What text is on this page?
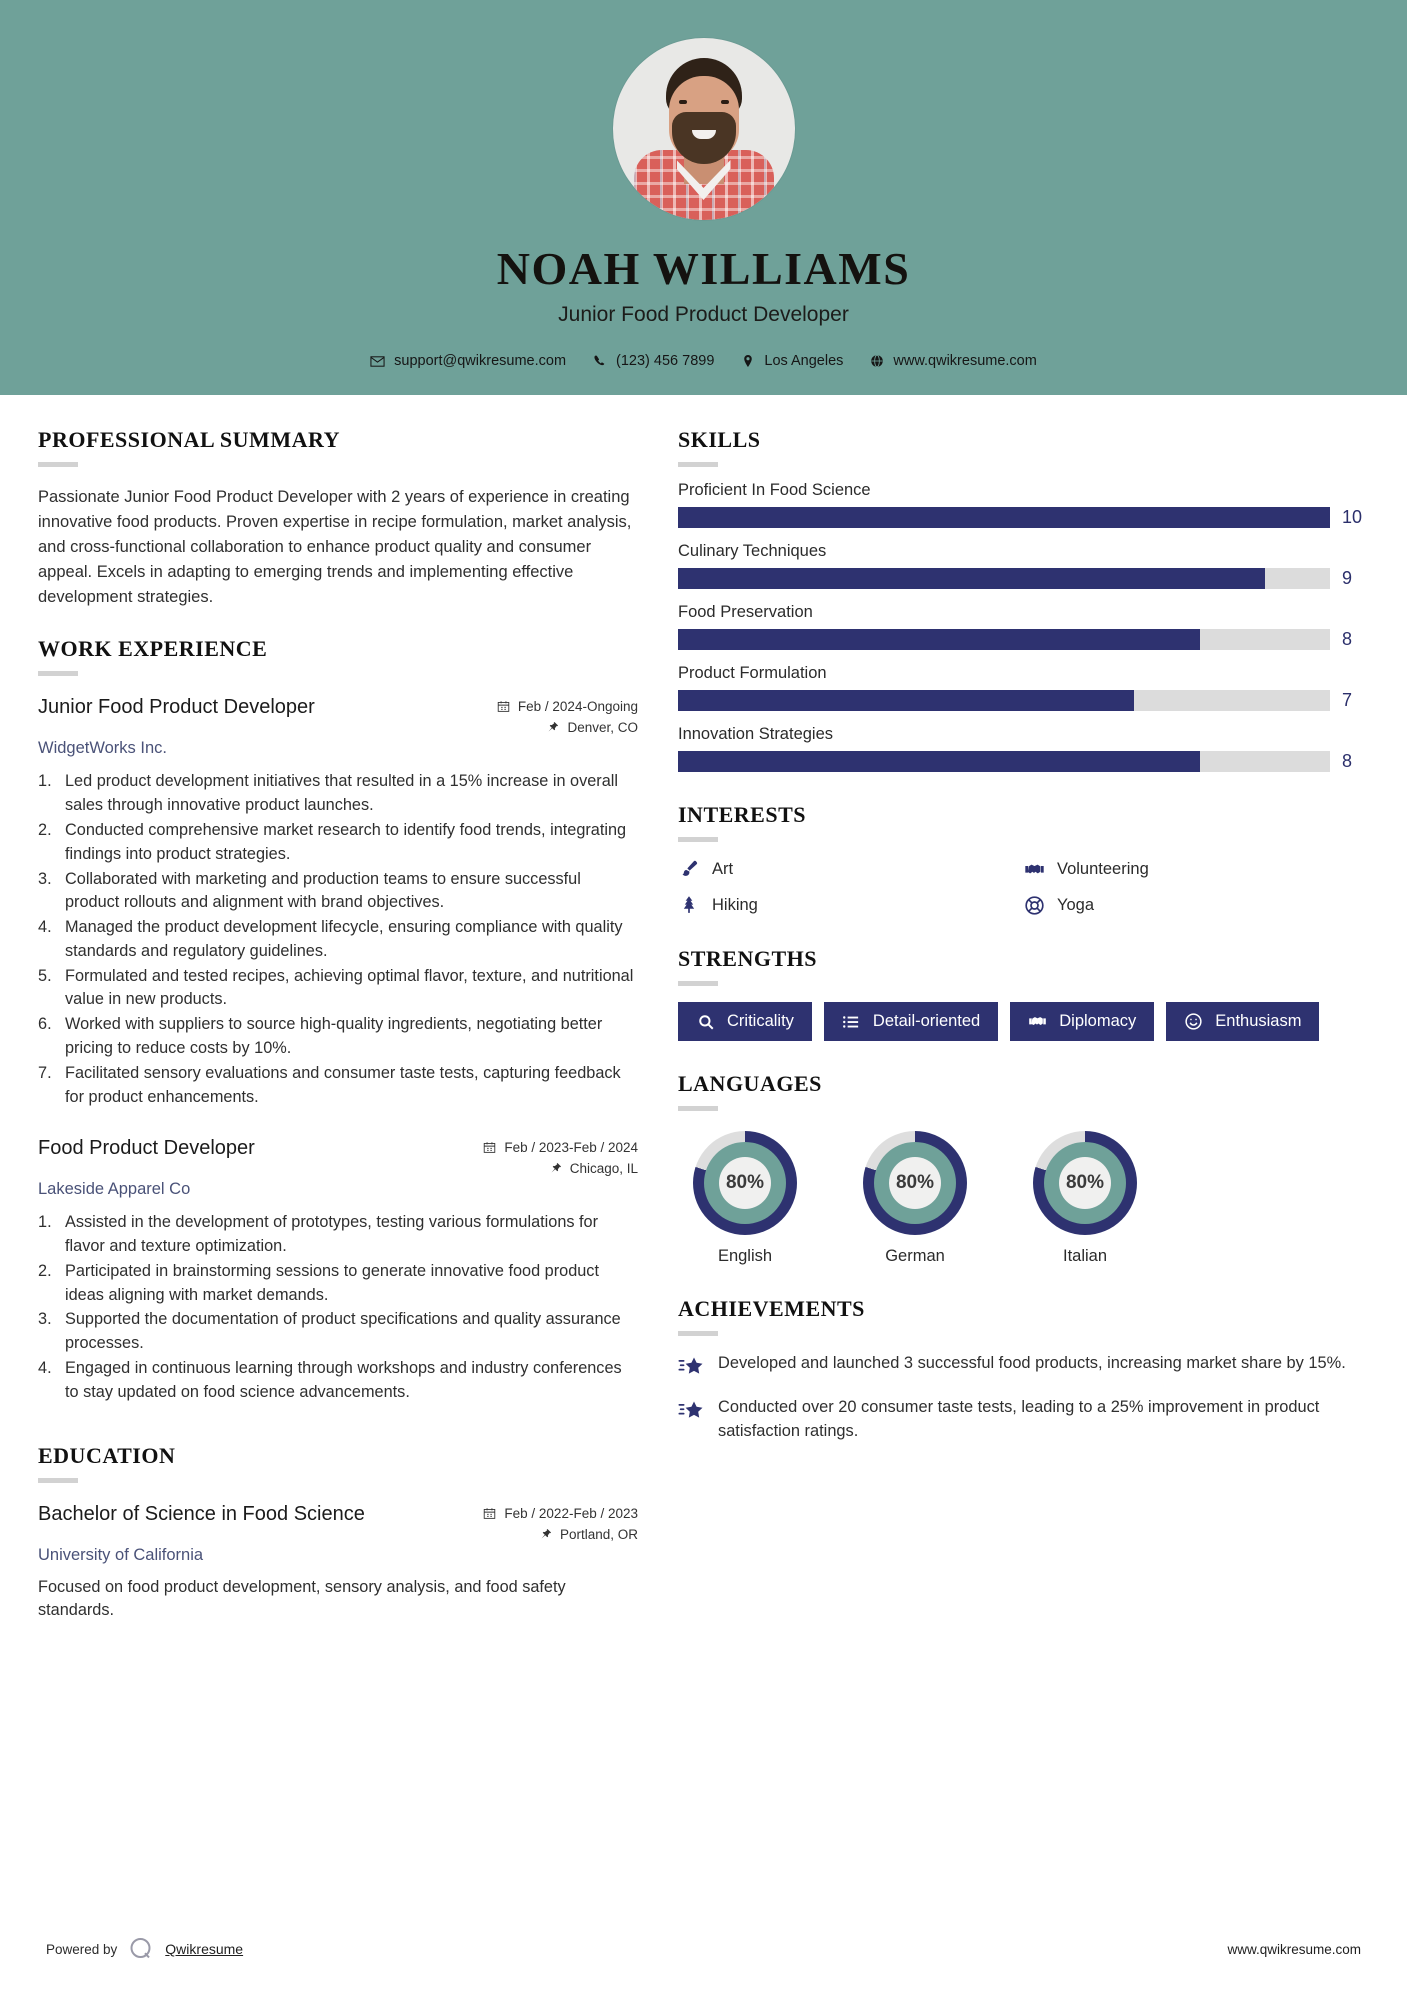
NOAH WILLIAMS
Junior Food Product Developer
support@qwikresume.com	(123) 456 7899	Los Angeles	www.qwikresume.com
PROFESSIONAL SUMMARY
Passionate Junior Food Product Developer with 2 years of experience in creating innovative food products. Proven expertise in recipe formulation, market analysis, and cross-functional collaboration to enhance product quality and consumer appeal. Excels in adapting to emerging trends and implementing effective development strategies.
WORK EXPERIENCE
Junior Food Product Developer	Feb / 2024-Ongoing
Denver, CO
WidgetWorks Inc.
Led product development initiatives that resulted in a 15% increase in overall sales through innovative product launches.
Conducted comprehensive market research to identify food trends, integrating findings into product strategies.
Collaborated with marketing and production teams to ensure successful product rollouts and alignment with brand objectives.
Managed the product development lifecycle, ensuring compliance with quality standards and regulatory guidelines.
Formulated and tested recipes, achieving optimal flavor, texture, and nutritional value in new products.
Worked with suppliers to source high-quality ingredients, negotiating better pricing to reduce costs by 10%.
Facilitated sensory evaluations and consumer taste tests, capturing feedback for product enhancements.
Food Product Developer	Feb / 2023-Feb / 2024
Chicago, IL
Lakeside Apparel Co
Assisted in the development of prototypes, testing various formulations for flavor and texture optimization.
Participated in brainstorming sessions to generate innovative food product ideas aligning with market demands.
Supported the documentation of product specifications and quality assurance processes.
Engaged in continuous learning through workshops and industry conferences to stay updated on food science advancements.
EDUCATION
Bachelor of Science in Food Science	Feb / 2022-Feb / 2023
Portland, OR
University of California
Focused on food product development, sensory analysis, and food safety standards.
SKILLS
Proficient In Food Science
10
Culinary Techniques
9
Food Preservation
8
Product Formulation
7
Innovation Strategies
8
INTERESTS
Art	Volunteering
Hiking	Yoga
STRENGTHS
Criticality	Detail-oriented	Diplomacy	Enthusiasm
LANGUAGES
80%
English
80%
German
80%
Italian
ACHIEVEMENTS
Developed and launched 3 successful food products, increasing market share by 15%.
Conducted over 20 consumer taste tests, leading to a 25% improvement in product satisfaction ratings.
Powered by	Qwikresume	www.qwikresume.com
